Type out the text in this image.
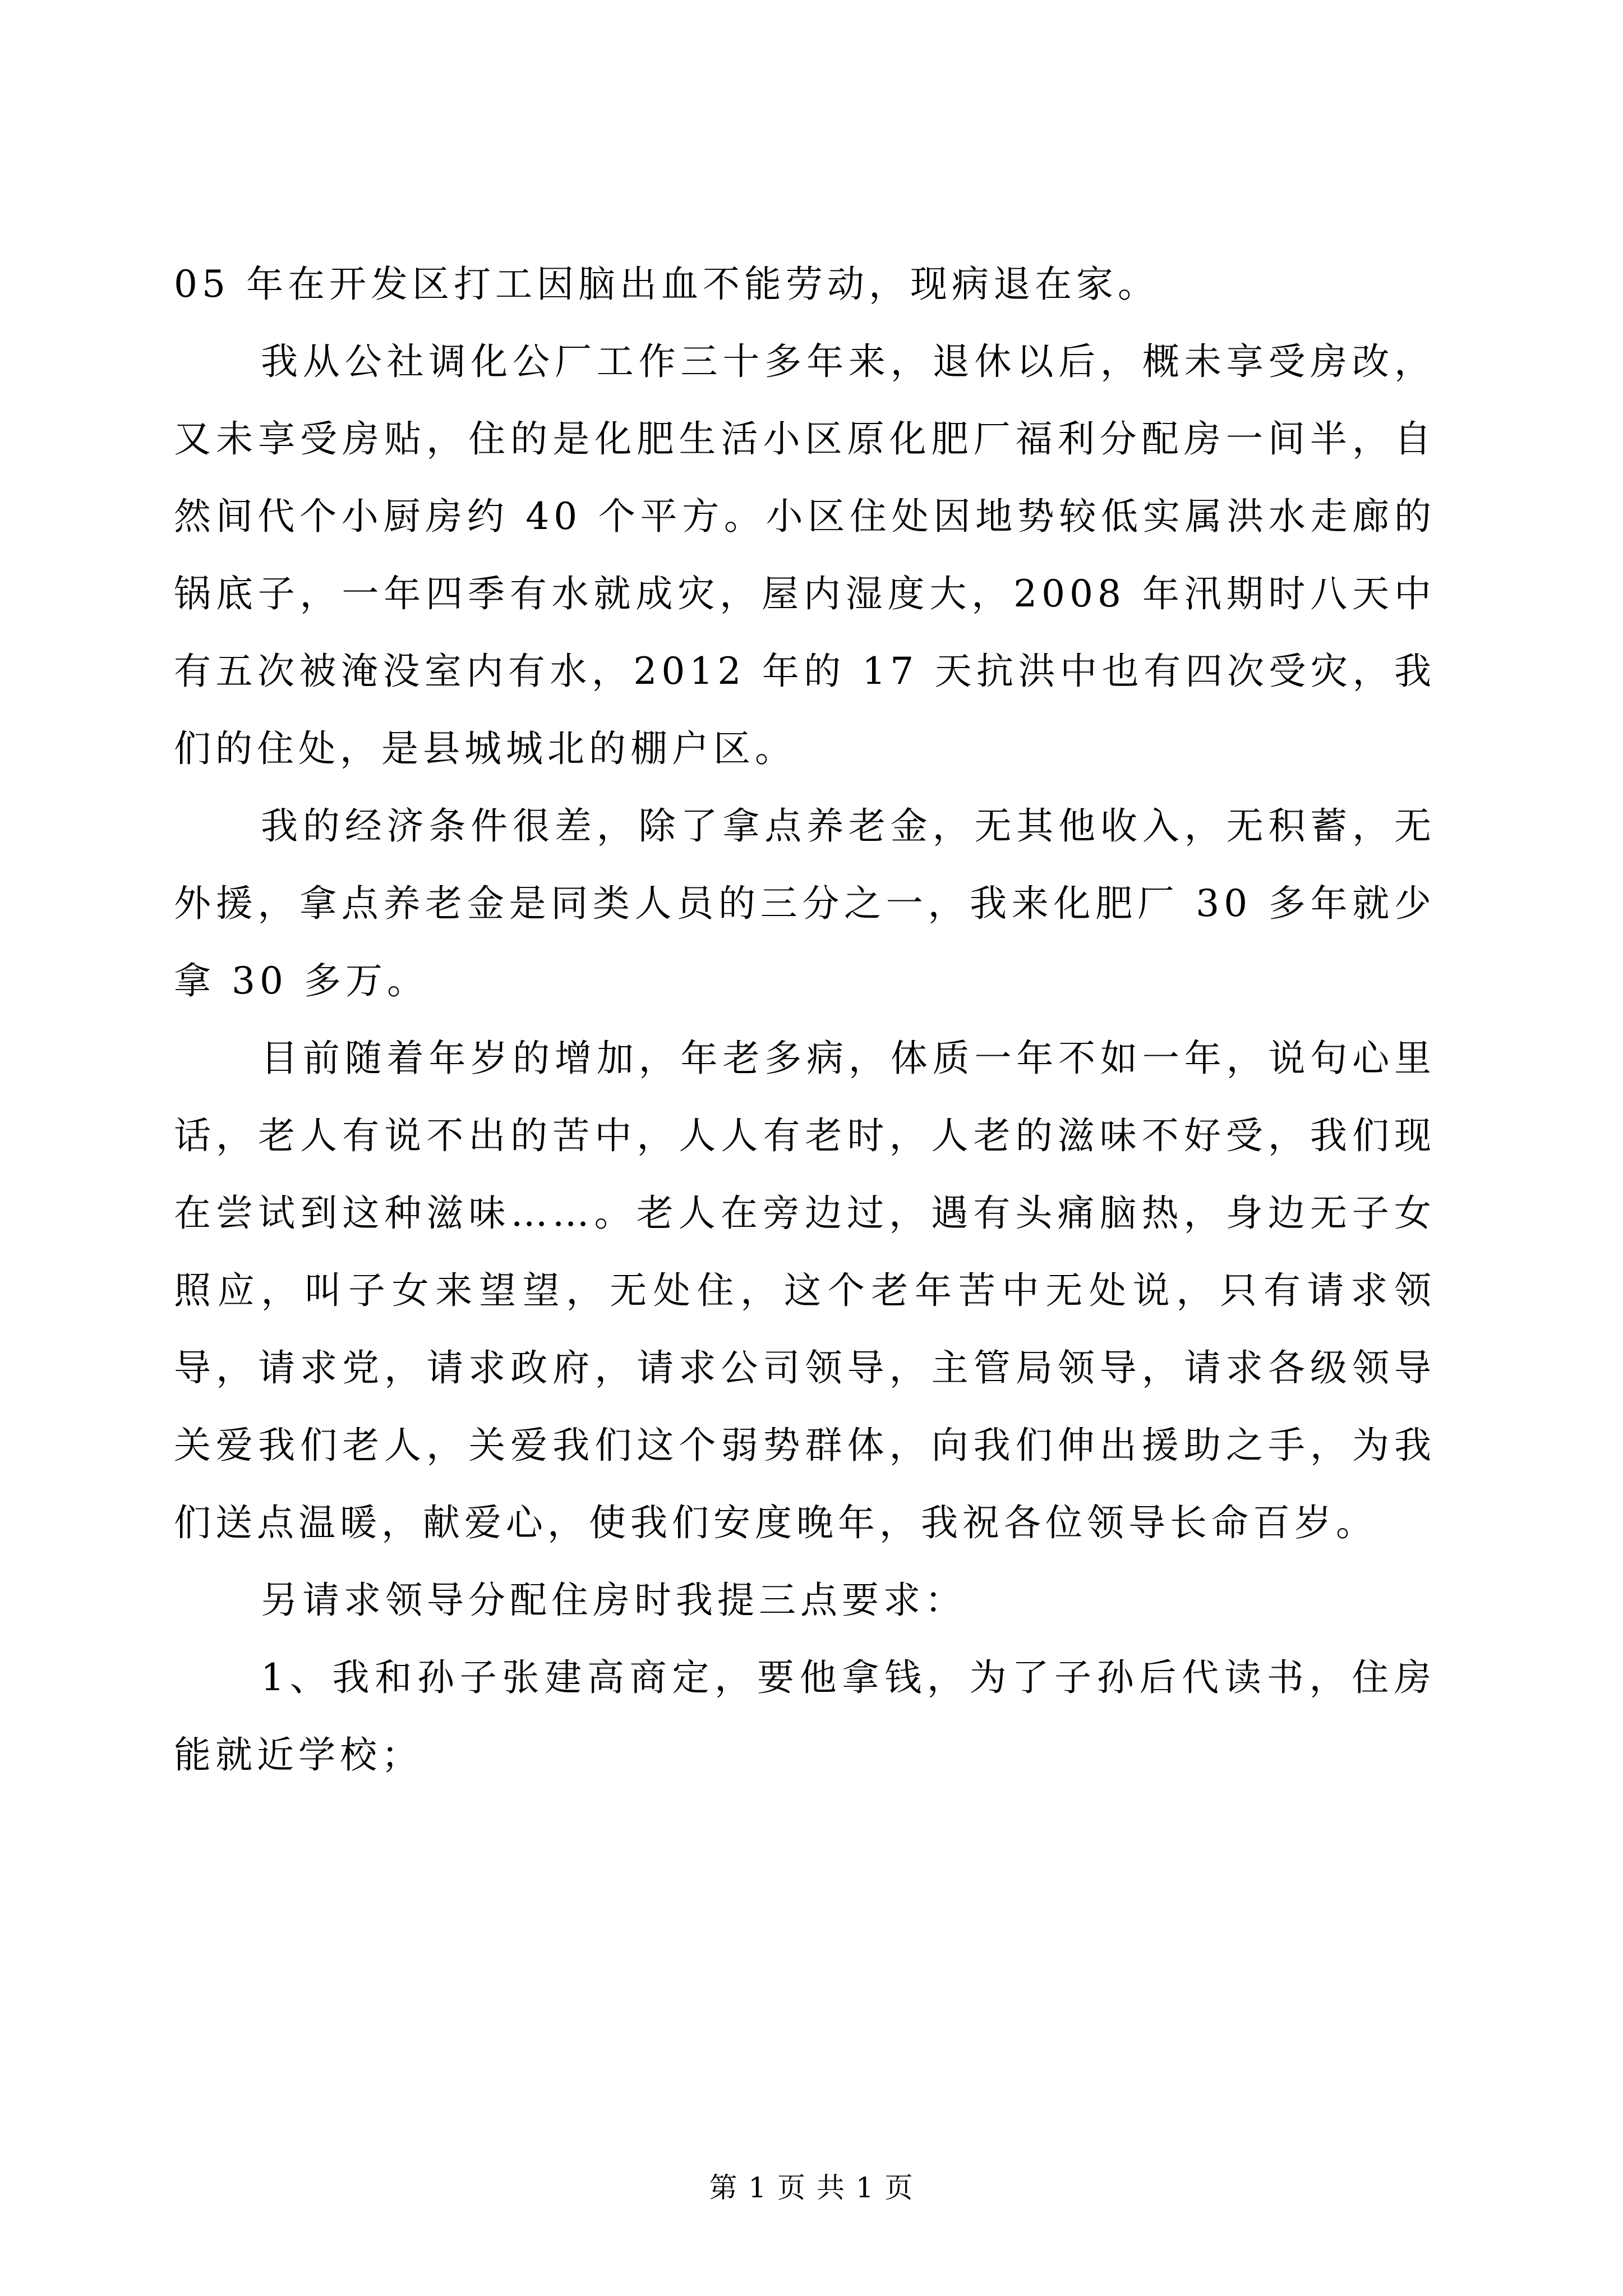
05 年在开发区打工因脑出血不能劳动，现病退在家。

我从公社调化公厂工作三十多年来，退休以后，概未享受房改，又未享受房贴，住的是化肥生活小区原化肥厂福利分配房一间半，自然间代个小厨房约 40 个平方。小区住处因地势较低实属洪水走廊的锅底子，一年四季有水就成灾，屋内湿度大，2008 年汛期时八天中有五次被淹没室内有水，2012 年的 17 天抗洪中也有四次受灾，我们的住处，是县城城北的棚户区。

我的经济条件很差，除了拿点养老金，无其他收入，无积蓄，无外援，拿点养老金是同类人员的三分之一，我来化肥厂 30 多年就少拿 30 多万。

目前随着年岁的增加，年老多病，体质一年不如一年，说句心里话，老人有说不出的苦中，人人有老时，人老的滋味不好受，我们现在尝试到这种滋味……。老人在旁边过，遇有头痛脑热，身边无子女照应，叫子女来望望，无处住，这个老年苦中无处说，只有请求领导，请求党，请求政府，请求公司领导，主管局领导，请求各级领导关爱我们老人，关爱我们这个弱势群体，向我们伸出援助之手，为我们送点温暖，献爱心，使我们安度晚年，我祝各位领导长命百岁。

另请求领导分配住房时我提三点要求：

1、我和孙子张建高商定，要他拿钱，为了子孙后代读书，住房能就近学校；

第 1 页 共 1 页
